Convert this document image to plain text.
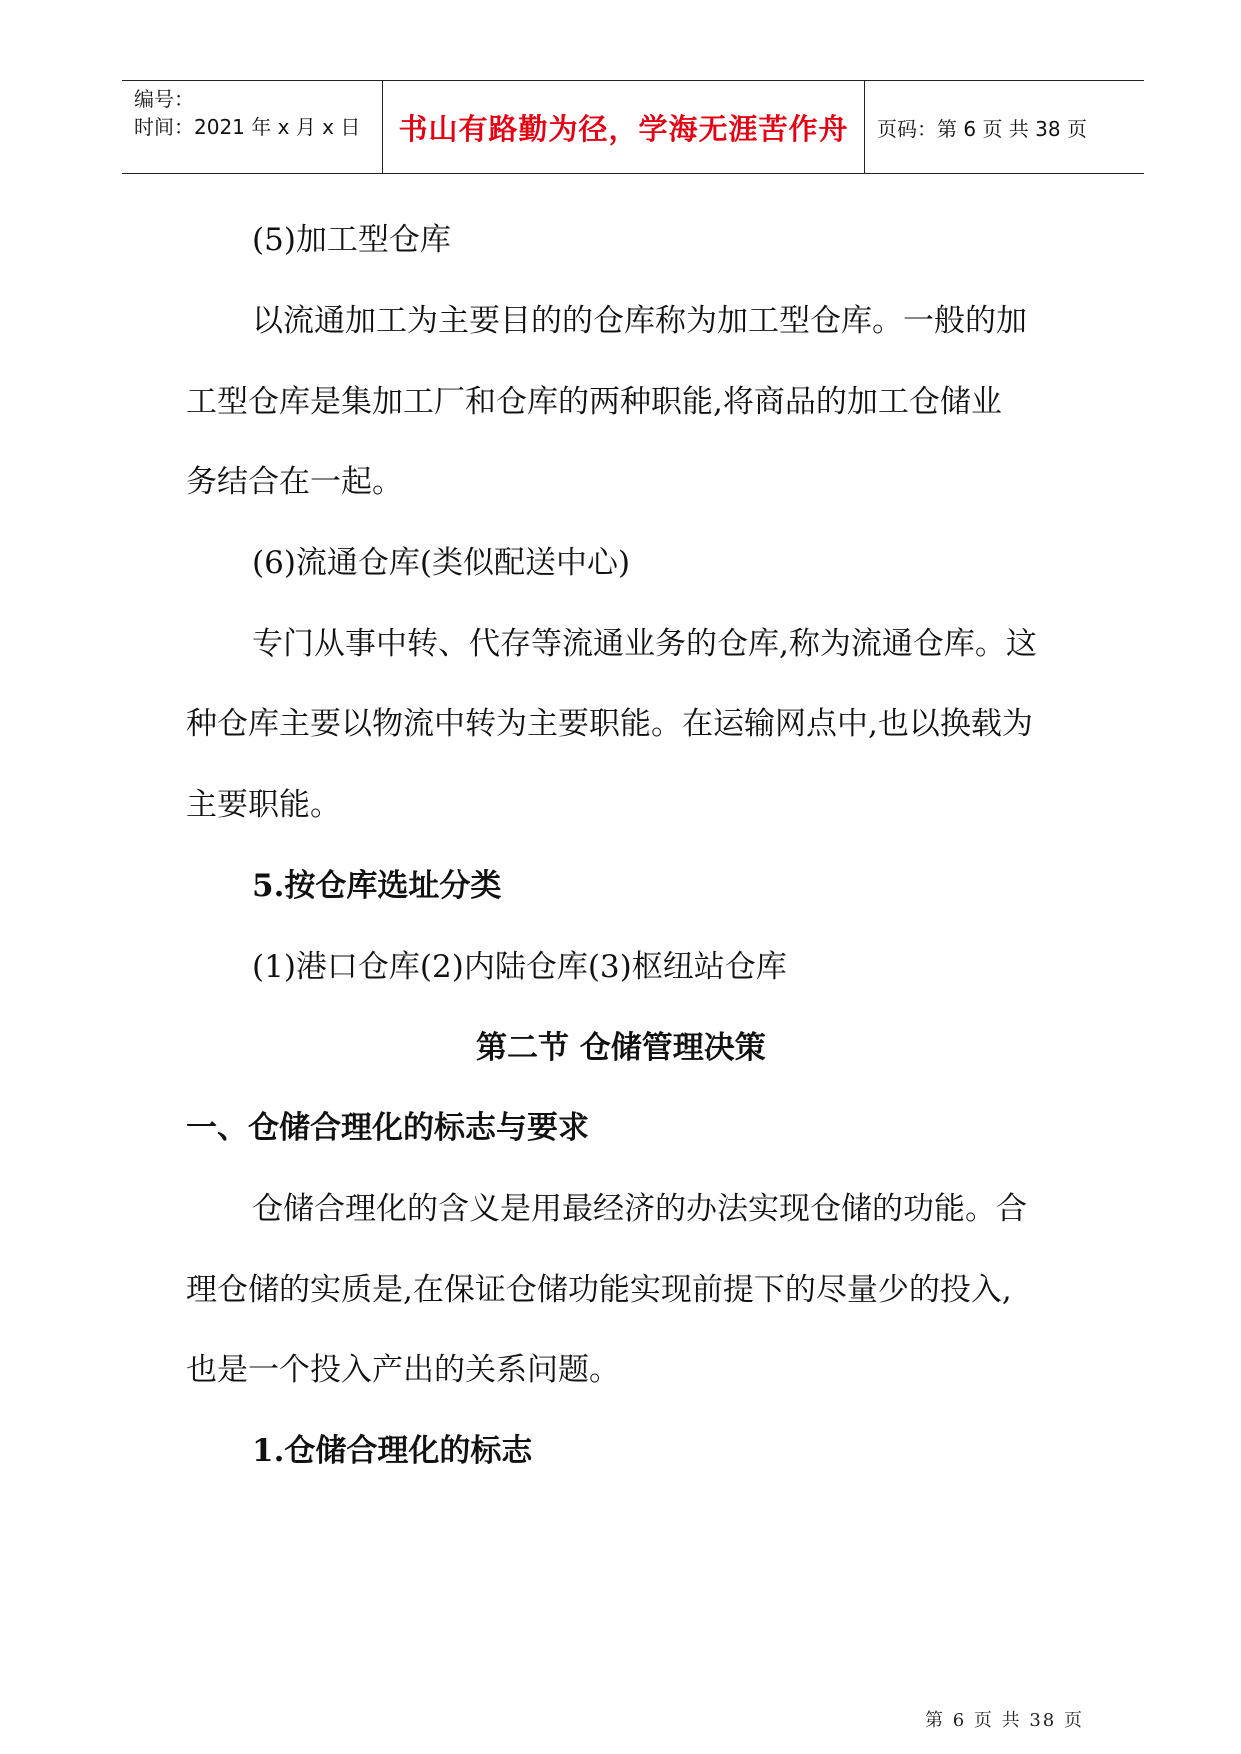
编号：
时间：2021 年 x 月 x 日	书山有路勤为径，学海无涯苦作舟	页码：第 6 页 共 38 页
(5)加工型仓库
以流通加工为主要目的的仓库称为加工型仓库。一般的加
工型仓库是集加工厂和仓库的两种职能,将商品的加工仓储业
务结合在一起。
(6)流通仓库(类似配送中心)
专门从事中转、代存等流通业务的仓库,称为流通仓库。这
种仓库主要以物流中转为主要职能。在运输网点中,也以换载为
主要职能。
5.按仓库选址分类
(1)港口仓库(2)内陆仓库(3)枢纽站仓库
第二节 仓储管理决策
一、仓储合理化的标志与要求
仓储合理化的含义是用最经济的办法实现仓储的功能。合
理仓储的实质是,在保证仓储功能实现前提下的尽量少的投入,
也是一个投入产出的关系问题。
1.仓储合理化的标志
第 6 页 共 38 页
